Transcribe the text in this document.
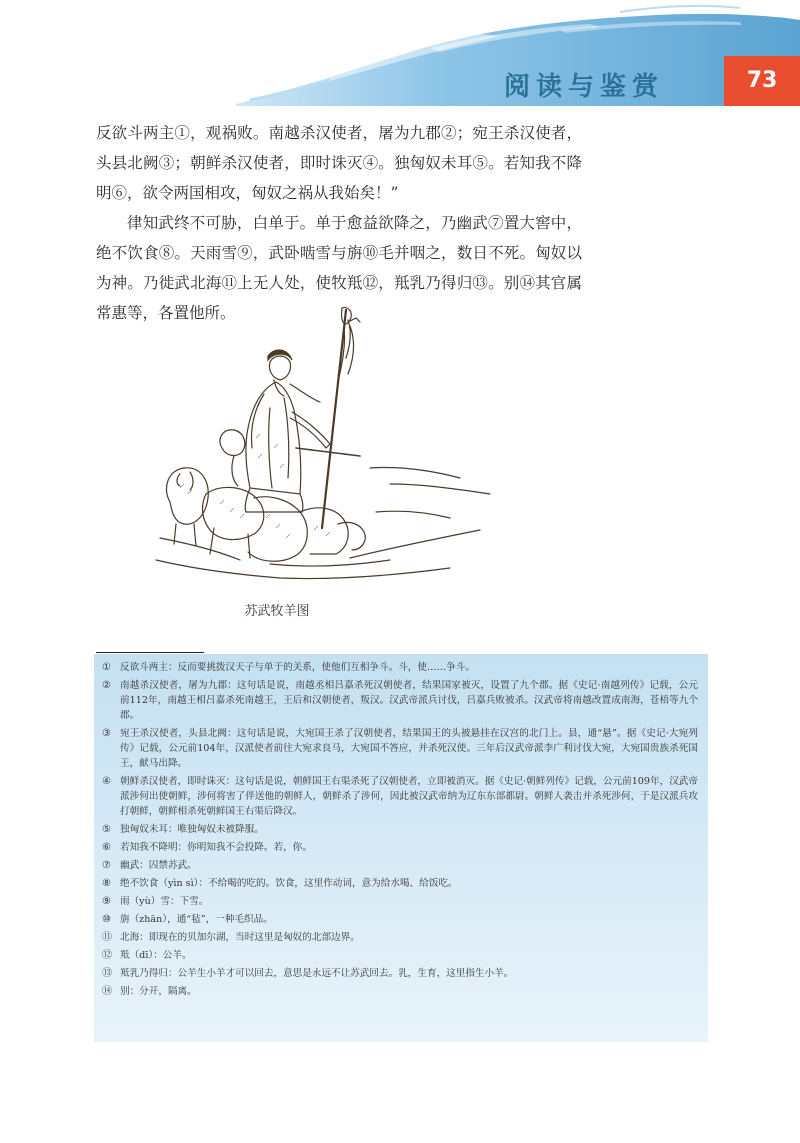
阅读与鉴赏	73

反欲斗两主①，观祸败。南越杀汉使者，屠为九郡②；宛王杀汉使者，头县北阙③；朝鲜杀汉使者，即时诛灭④。独匈奴未耳⑤。若知我不降明⑥，欲令两国相攻，匈奴之祸从我始矣！”

律知武终不可胁，白单于。单于愈益欲降之，乃幽武⑦置大窖中，绝不饮食⑧。天雨雪⑨，武卧啮雪与旃⑩毛并咽之，数日不死。匈奴以为神。乃徙武北海⑪上无人处，使牧羝⑫，羝乳乃得归⑬。别⑭其官属常惠等，各置他所。

苏武牧羊图
① 反欲斗两主：反而要挑拨汉天子与单于的关系，使他们互相争斗。斗，使……争斗。
② 南越杀汉使者，屠为九郡：这句话是说，南越丞相吕嘉杀死汉朝使者，结果国家被灭，设置了九个郡。据《史记·南越列传》记载，公元前112年，南越王相吕嘉杀死南越王，王后和汉朝使者，叛汉。汉武帝派兵讨伐，吕嘉兵败被杀。汉武帝将南越改置成南海，苍梧等九个郡。
③ 宛王杀汉使者，头县北阙：这句话是说，大宛国王杀了汉朝使者，结果国王的头被悬挂在汉宫的北门上。县，通“悬”。据《史记·大宛列传》记载，公元前104年，汉派使者前往大宛求良马，大宛国不答应，并杀死汉使。三年后汉武帝派李广利讨伐大宛，大宛国贵族杀死国王，献马出降。
④ 朝鲜杀汉使者，即时诛灭：这句话是说，朝鲜国王右渠杀死了汉朝使者，立即被消灭。据《史记·朝鲜列传》记载，公元前109年，汉武帝派涉何出使朝鲜，涉何将害了伴送他的朝鲜人，朝鲜杀了涉何，因此被汉武帝纳为辽东东部都尉。朝鲜人袭击并杀死涉何，于是汉派兵攻打朝鲜，朝鲜相杀死朝鲜国王右渠后降汉。
⑤ 独匈奴未耳：唯独匈奴未被降服。
⑥ 若知我不降明：你明知我不会投降。若，你。
⑦ 幽武：囚禁苏武。
⑧ 绝不饮食（yìn sì）：不给喝的吃的。饮食，这里作动词，意为给水喝、给饭吃。
⑨ 雨（yù）雪：下雪。
⑩ 旃（zhān），通“毡”，一种毛织品。
⑪ 北海：即现在的贝加尔湖，当时这里是匈奴的北部边界。
⑫ 羝（dī）：公羊。
⑬ 羝乳乃得归：公羊生小羊才可以回去，意思是永远不让苏武回去。乳，生育，这里指生小羊。
⑭ 别：分开，隔离。
